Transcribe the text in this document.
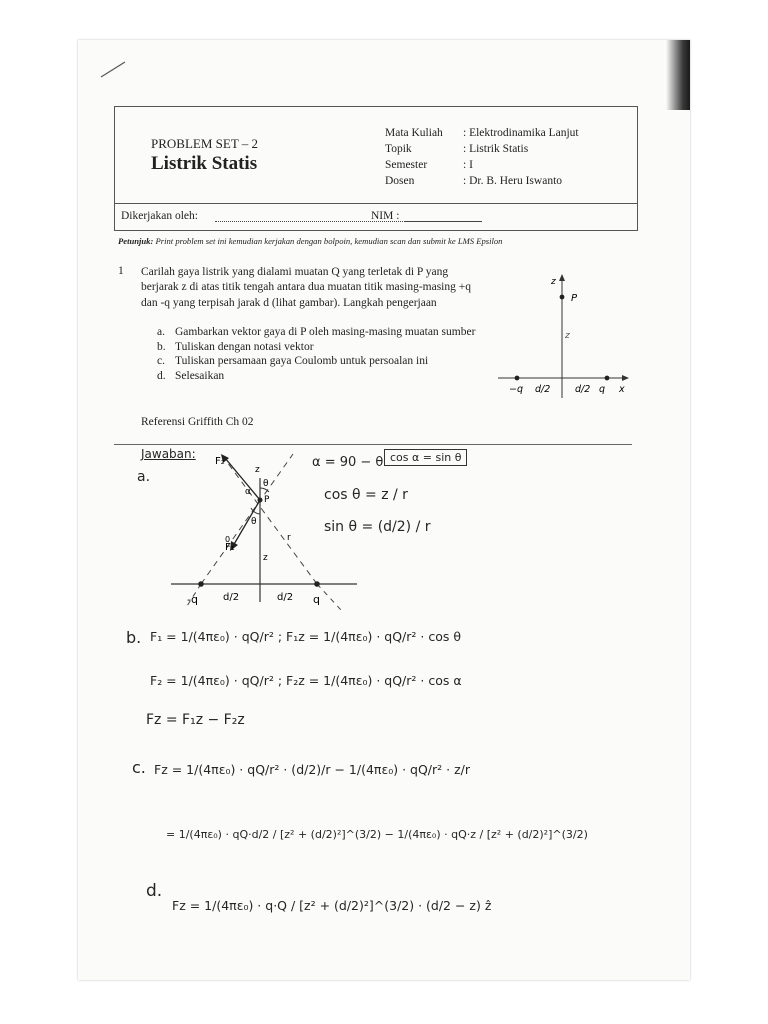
PROBLEM SET – 2
Listrik Statis
Mata Kuliah : Elektrodinamika Lanjut
Topik	: Listrik Statis
Semester	: I
Dosen	: Dr. B. Heru Iswanto
Dikerjakan oleh:	NIM :
Petunjuk: Print problem set ini kemudian kerjakan dengan bolpoin, kemudian scan dan submit ke LMS Epsilon
1 Carilah gaya listrik yang dialami muatan Q yang terletak di P yang berjarak z di atas titik tengah antara dua muatan titik masing-masing +q dan -q yang terpisah jarak d (lihat gambar). Langkah pengerjaan
a. Gambarkan vektor gaya di P oleh masing-masing muatan sumber
b. Tuliskan dengan notasi vektor
c. Tuliskan persamaan gaya Coulomb untuk persoalan ini
d. Selesaikan
Referensi Griffith Ch 02
z
P
z
−q d/2	d/2 q x
Jawaban:
a.
F₂
F₁
z
θ
α
P
θ
r
z
0
-q	d/2	d/2 q
α = 90 − θ cos α = sin θ
cos θ = z / r
sin θ = (d/2) / r
b. F₁ = 1/(4πε₀) · qQ/r² ; F₁z = 1/(4πε₀) · qQ/r² · cos θ
F₂ = 1/(4πε₀) · qQ/r² ; F₂z = 1/(4πε₀) · qQ/r² · cos α
Fz = F₁z − F₂z
c. Fz = 1/(4πε₀) · qQ/r² · (d/2)/r − 1/(4πε₀) · qQ/r² · z/r
= 1/(4πε₀) · qQ·d/2 / [z² + (d/2)²]^(3/2) − 1/(4πε₀) · qQ·z / [z² + (d/2)²]^(3/2)
d.
Fz = 1/(4πε₀) · q·Q / [z² + (d/2)²]^(3/2) · (d/2 − z) ẑ
